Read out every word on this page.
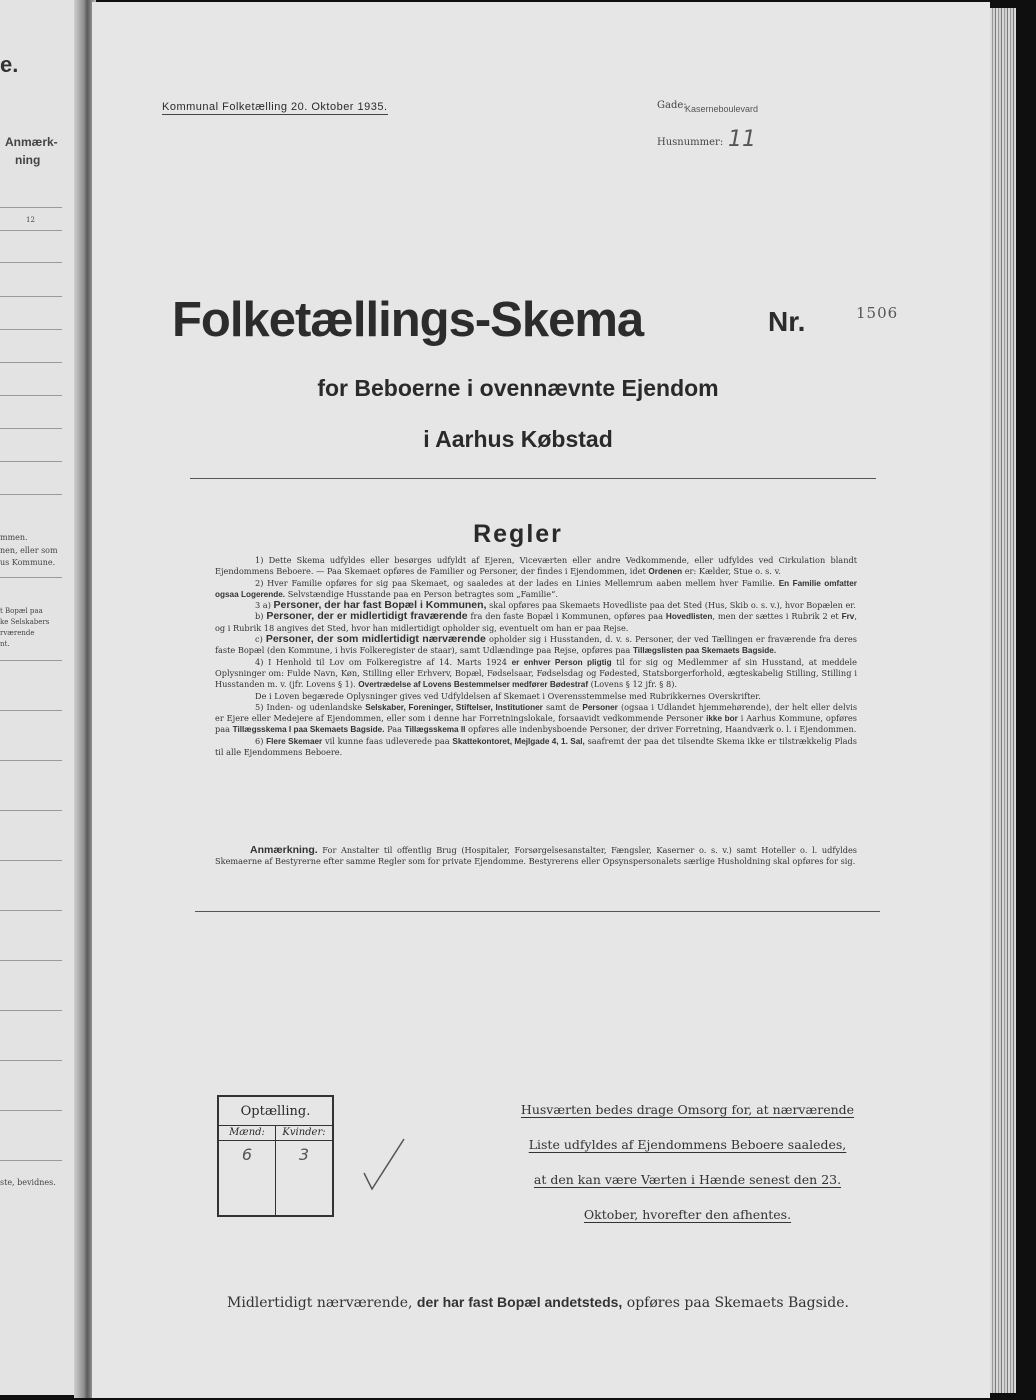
e.
Anmærk-
ning
12
mmen.
nen, eller som
us Kommune.
t Bopæl paa
ke Selskabers
rværende
nt.
ste, bevidnes.
Kommunal Folketælling 20. Oktober 1935.	Gade:
Kaserneboulevard
Husnummer: 11
Folketællings-Skema	Nr.	1506
for Beboerne i ovennævnte Ejendom
i Aarhus Købstad
Regler

1) Dette Skema udfyldes eller besørges udfyldt af Ejeren, Viceværten eller andre Vedkommende, eller udfyldes ved Cirkulation blandt Ejendommens Beboere. — Paa Skemaet opføres de Familier og Personer, der findes i Ejendommen, idet Ordenen er: Kælder, Stue o. s. v.

2) Hver Familie opføres for sig paa Skemaet, og saaledes at der lades en Linies Mellemrum aaben mellem hver Familie. En Familie omfatter ogsaa Logerende. Selvstændige Husstande paa en Person betragtes som „Familie“.

3 a) Personer, der har fast Bopæl i Kommunen, skal opføres paa Skemaets Hovedliste paa det Sted (Hus, Skib o. s. v.), hvor Bopælen er.

b) Personer, der er midlertidigt fraværende fra den faste Bopæl i Kommunen, opføres paa Hovedlisten, men der sættes i Rubrik 2 et Frv, og i Rubrik 18 angives det Sted, hvor han midlertidigt opholder sig, eventuelt om han er paa Rejse.

c) Personer, der som midlertidigt nærværende opholder sig i Husstanden, d. v. s. Personer, der ved Tællingen er fraværende fra deres faste Bopæl (den Kommune, i hvis Folkeregister de staar), samt Udlændinge paa Rejse, opføres paa Tillægslisten paa Skemaets Bagside.

4) I Henhold til Lov om Folkeregistre af 14. Marts 1924 er enhver Person pligtig til for sig og Medlemmer af sin Husstand, at meddele Oplysninger om: Fulde Navn, Køn, Stilling eller Erhverv, Bopæl, Fødselsaar, Fødselsdag og Fødested, Statsborgerforhold, ægteskabelig Stilling, Stilling i Husstanden m. v. (jfr. Lovens § 1). Overtrædelse af Lovens Bestemmelser medfører Bødestraf (Lovens § 12 jfr. § 8).

De i Loven begærede Oplysninger gives ved Udfyldelsen af Skemaet i Overensstemmelse med Rubrikkernes Overskrifter.

5) Inden- og udenlandske Selskaber, Foreninger, Stiftelser, Institutioner samt de Personer (ogsaa i Udlandet hjemmehørende), der helt eller delvis er Ejere eller Medejere af Ejendommen, eller som i denne har Forretningslokale, forsaavidt vedkommende Personer ikke bor i Aarhus Kommune, opføres paa Tillægsskema I paa Skemaets Bagside. Paa Tillægsskema II opføres alle indenbysboende Personer, der driver Forretning, Haandværk o. l. i Ejendommen.

6) Flere Skemaer vil kunne faas udleverede paa Skattekontoret, Mejlgade 4, 1. Sal, saafremt der paa det tilsendte Skema ikke er tilstrækkelig Plads til alle Ejendommens Beboere.

Anmærkning. For Anstalter til offentlig Brug (Hospitaler, Forsørgelsesanstalter, Fængsler, Kaserner o. s. v.) samt Hoteller o. l. udfyldes Skemaerne af Bestyrerne efter samme Regler som for private Ejendomme. Bestyrerens eller Opsynspersonalets særlige Husholdning skal opføres for sig.
Optælling.
Mænd:
6
Kvinder:
3
Husværten bedes drage Omsorg for, at nærværende
Liste udfyldes af Ejendommens Beboere saaledes,
at den kan være Værten i Hænde senest den 23.
Oktober, hvorefter den afhentes.
Midlertidigt nærværende, der har fast Bopæl andetsteds, opføres paa Skemaets Bagside.
